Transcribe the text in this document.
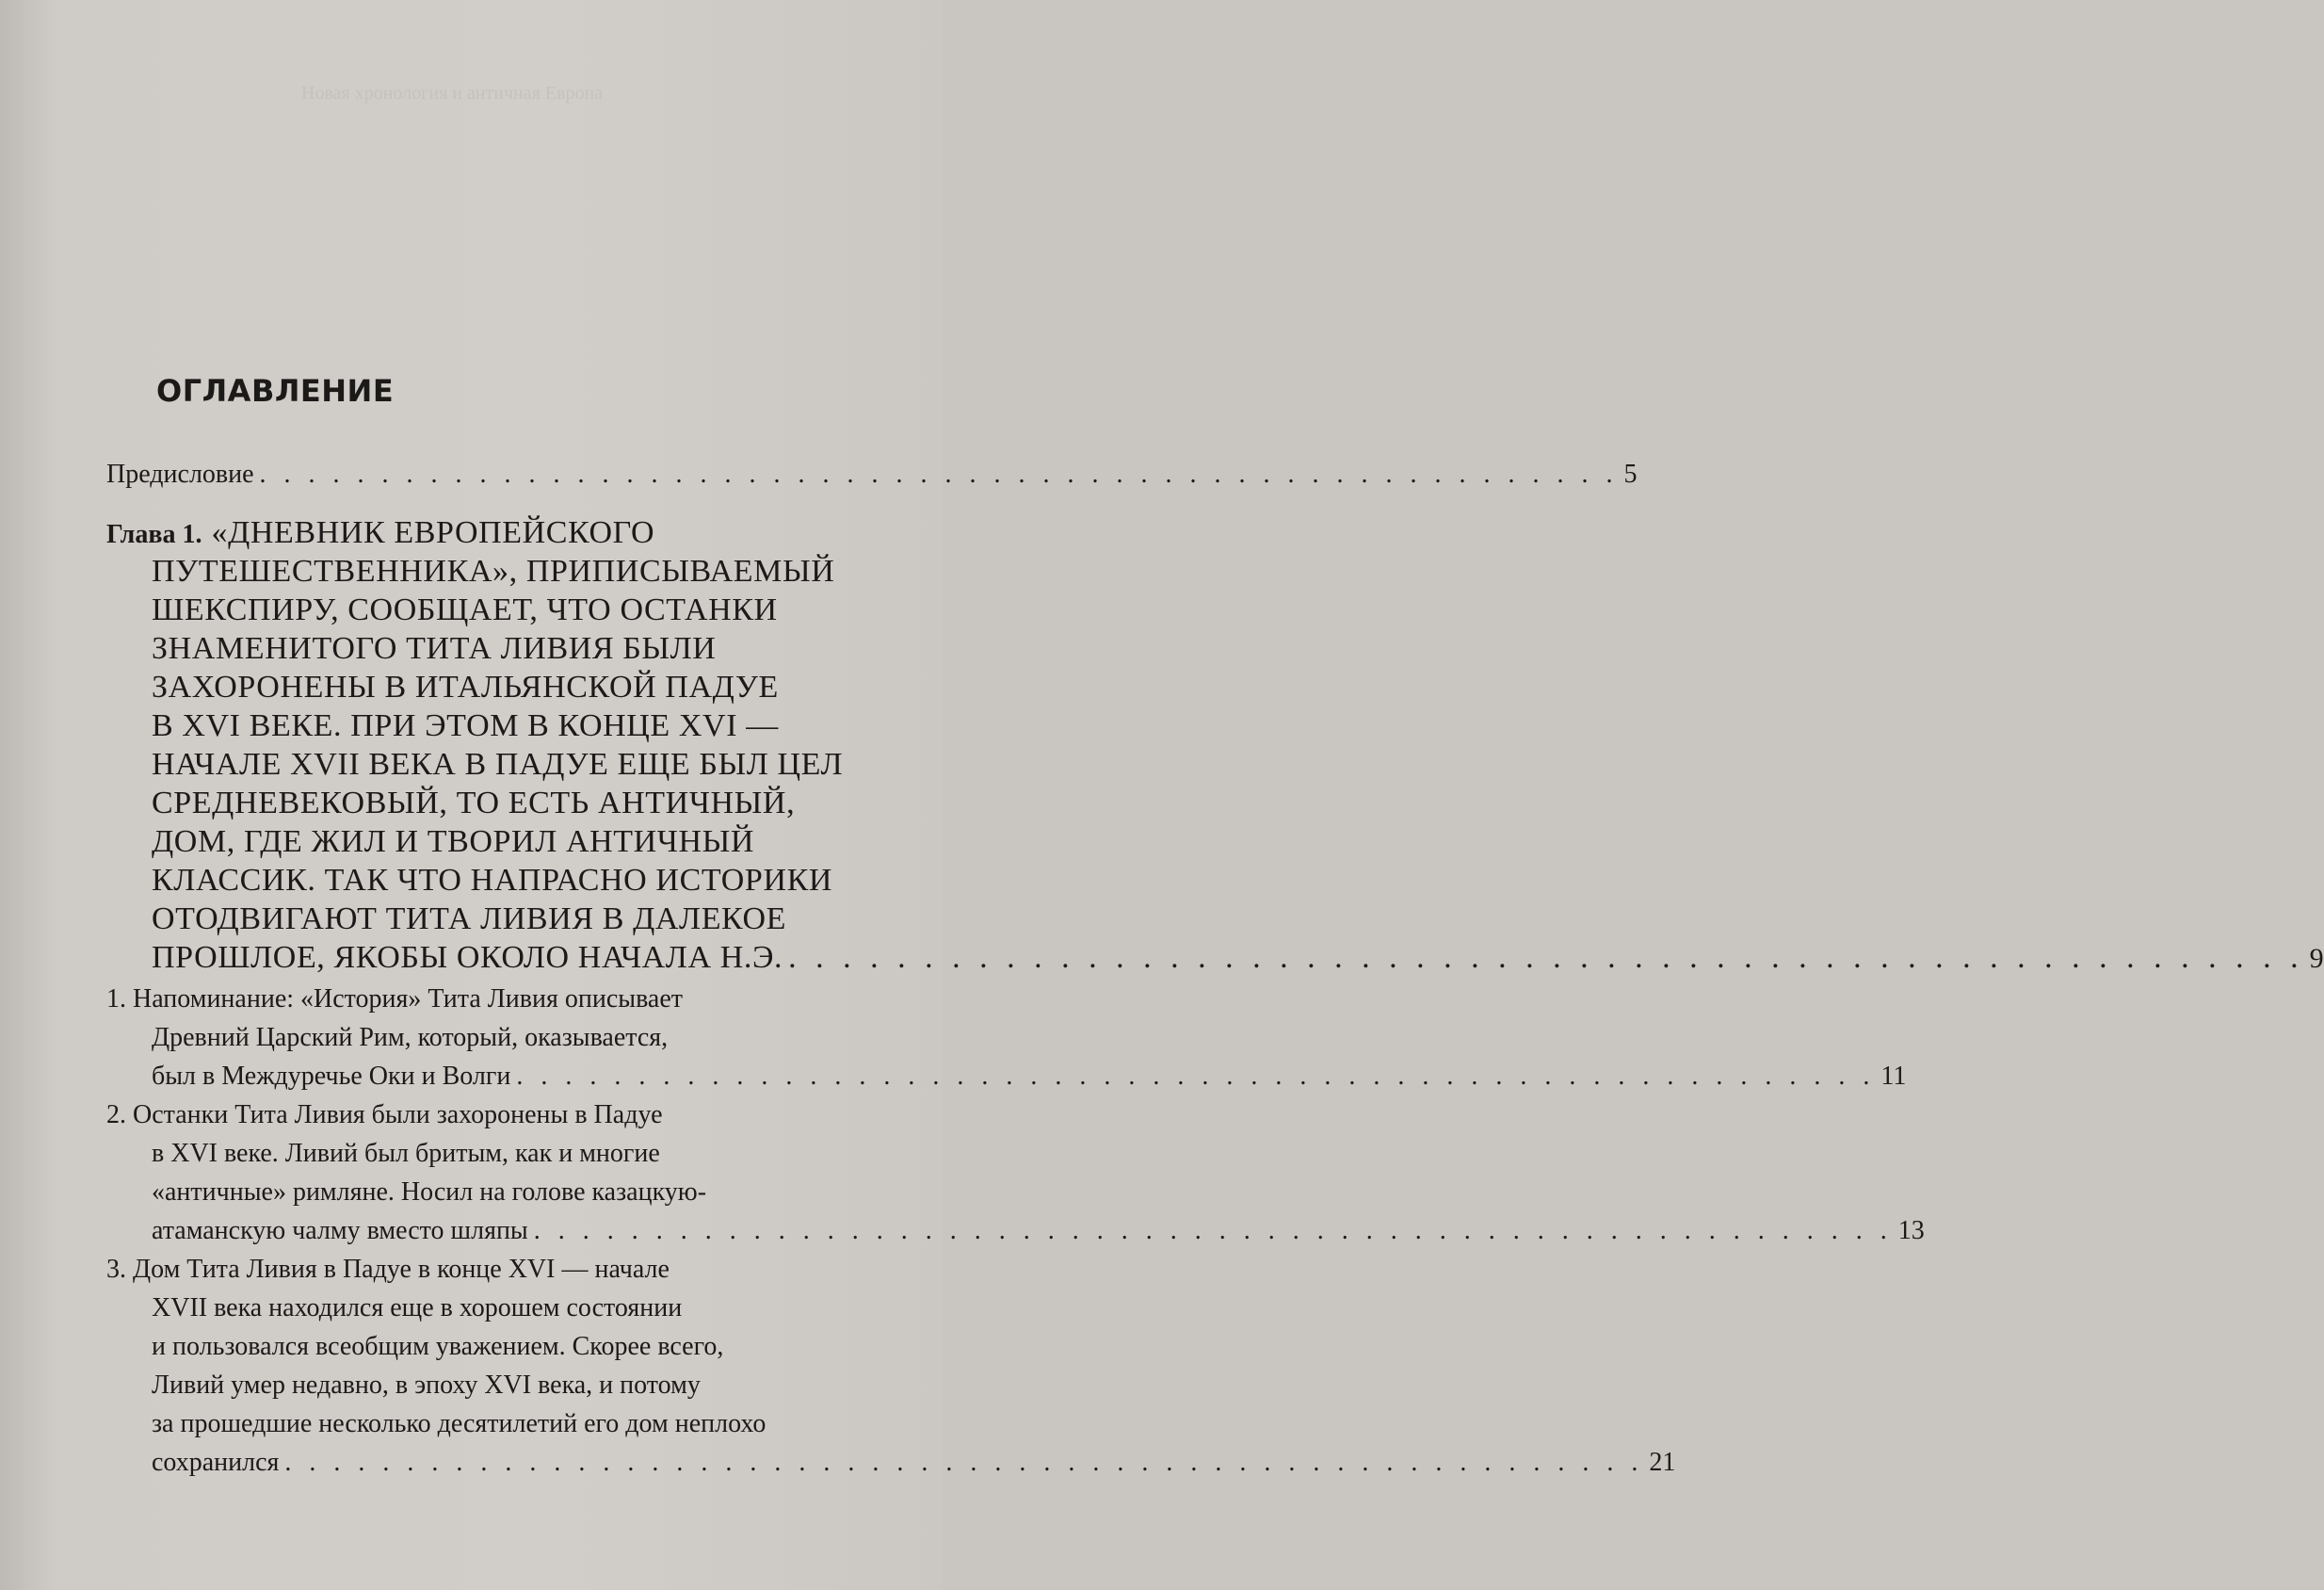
Новая хронология и античная Европа
ОГЛАВЛЕНИЕ
Предисловие . . . . . . . . . . . . . . . . . . . . . . . . . . . . . . . . . . . . . . . . . . . . . . . . . . . . . . . . 5
Глава 1. «ДНЕВНИК ЕВРОПЕЙСКОГО
ПУТЕШЕСТВЕННИКА», ПРИПИСЫВАЕМЫЙ
ШЕКСПИРУ, СООБЩАЕТ, ЧТО ОСТАНКИ
ЗНАМЕНИТОГО ТИТА ЛИВИЯ БЫЛИ
ЗАХОРОНЕНЫ В ИТАЛЬЯНСКОЙ ПАДУЕ
В XVI ВЕКЕ. ПРИ ЭТОМ В КОНЦЕ XVI —
НАЧАЛЕ XVII ВЕКА В ПАДУЕ ЕЩЕ БЫЛ ЦЕЛ
СРЕДНЕВЕКОВЫЙ, ТО ЕСТЬ АНТИЧНЫЙ,
ДОМ, ГДЕ ЖИЛ И ТВОРИЛ АНТИЧНЫЙ
КЛАССИК. ТАК ЧТО НАПРАСНО ИСТОРИКИ
ОТОДВИГАЮТ ТИТА ЛИВИЯ В ДАЛЕКОЕ
ПРОШЛОЕ, ЯКОБЫ ОКОЛО НАЧАЛА Н.Э. . . . . . . . . . . . . . . . . . . . . . . . . . . . . . . . . . . . . . . . . . . . . . . . . . . . . . . . . 9
1. Напоминание: «История» Тита Ливия описывает
Древний Царский Рим, который, оказывается,
был в Междуречье Оки и Волги . . . . . . . . . . . . . . . . . . . . . . . . . . . . . . . . . . . . . . . . . . . . . . . . . . . . . . . . 11
2. Останки Тита Ливия были захоронены в Падуе
в XVI веке. Ливий был бритым, как и многие
«античные» римляне. Носил на голове казацкую-
атаманскую чалму вместо шляпы . . . . . . . . . . . . . . . . . . . . . . . . . . . . . . . . . . . . . . . . . . . . . . . . . . . . . . . . 13
3. Дом Тита Ливия в Падуе в конце XVI — начале
XVII века находился еще в хорошем состоянии
и пользовался всеобщим уважением. Скорее всего,
Ливий умер недавно, в эпоху XVI века, и потому
за прошедшие несколько десятилетий его дом неплохо
сохранился . . . . . . . . . . . . . . . . . . . . . . . . . . . . . . . . . . . . . . . . . . . . . . . . . . . . . . . . 21
